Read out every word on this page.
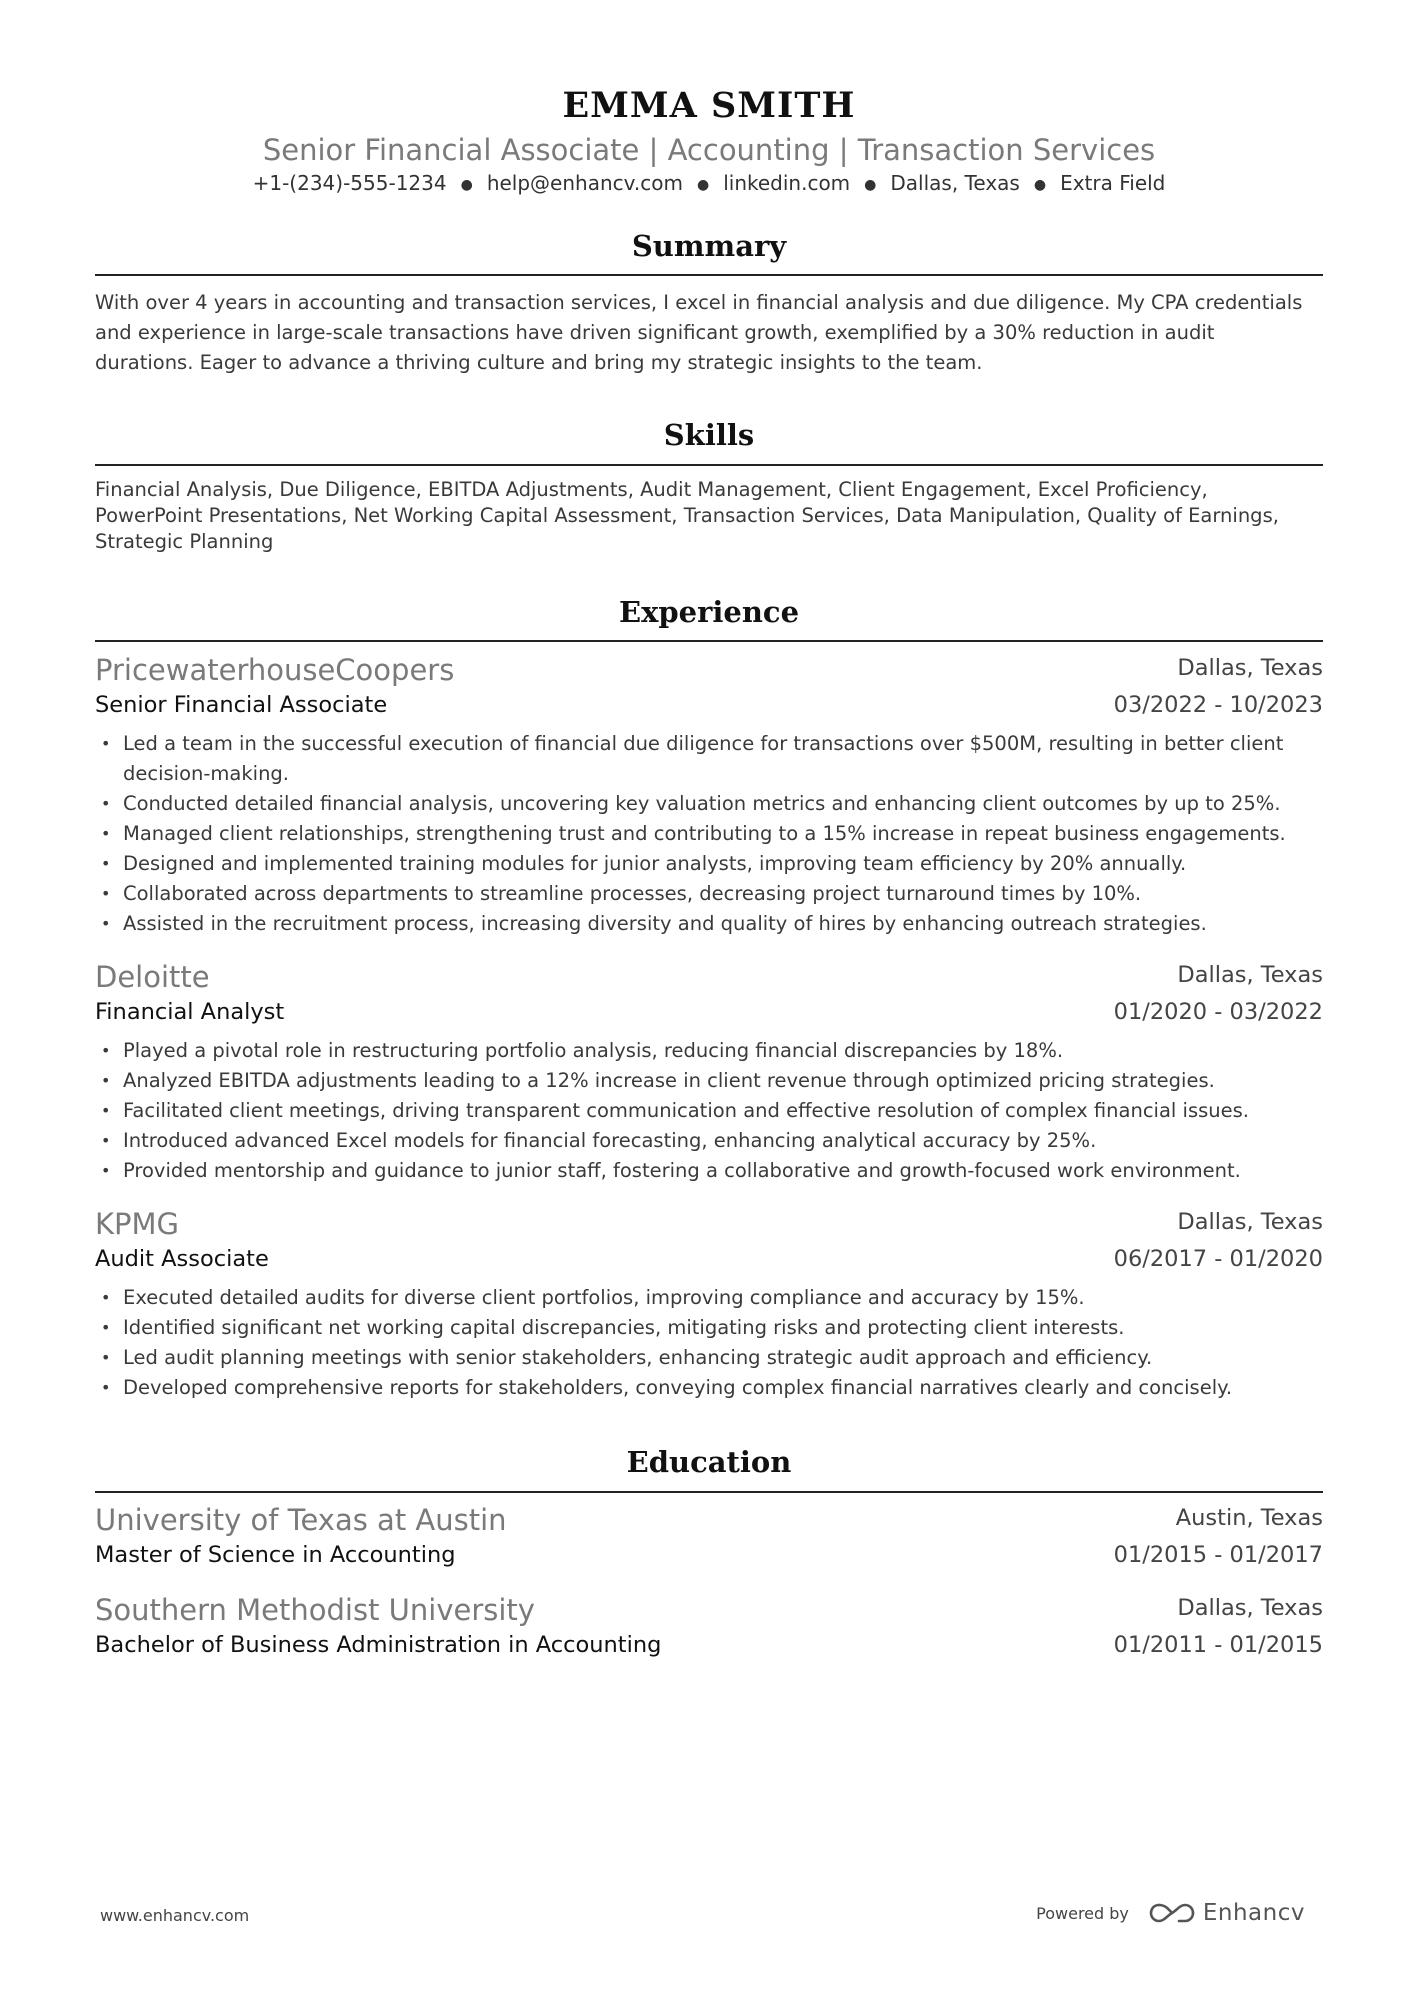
EMMA SMITH
Senior Financial Associate | Accounting | Transaction Services
+1-(234)-555-1234 ● help@enhancv.com ● linkedin.com ● Dallas, Texas ● Extra Field
Summary
With over 4 years in accounting and transaction services, I excel in financial analysis and due diligence. My CPA credentials
and experience in large-scale transactions have driven significant growth, exemplified by a 30% reduction in audit
durations. Eager to advance a thriving culture and bring my strategic insights to the team.
Skills
Financial Analysis, Due Diligence, EBITDA Adjustments, Audit Management, Client Engagement, Excel Proficiency,
PowerPoint Presentations, Net Working Capital Assessment, Transaction Services, Data Manipulation, Quality of Earnings,
Strategic Planning
Experience
PricewaterhouseCoopers	Dallas, Texas
Senior Financial Associate	03/2022 - 10/2023
• Led a team in the successful execution of financial due diligence for transactions over $500M, resulting in better client
decision-making.
• Conducted detailed financial analysis, uncovering key valuation metrics and enhancing client outcomes by up to 25%.
• Managed client relationships, strengthening trust and contributing to a 15% increase in repeat business engagements.
• Designed and implemented training modules for junior analysts, improving team efficiency by 20% annually.
• Collaborated across departments to streamline processes, decreasing project turnaround times by 10%.
• Assisted in the recruitment process, increasing diversity and quality of hires by enhancing outreach strategies.
Deloitte	Dallas, Texas
Financial Analyst	01/2020 - 03/2022
• Played a pivotal role in restructuring portfolio analysis, reducing financial discrepancies by 18%.
• Analyzed EBITDA adjustments leading to a 12% increase in client revenue through optimized pricing strategies.
• Facilitated client meetings, driving transparent communication and effective resolution of complex financial issues.
• Introduced advanced Excel models for financial forecasting, enhancing analytical accuracy by 25%.
• Provided mentorship and guidance to junior staff, fostering a collaborative and growth-focused work environment.
KPMG	Dallas, Texas
Audit Associate	06/2017 - 01/2020
• Executed detailed audits for diverse client portfolios, improving compliance and accuracy by 15%.
• Identified significant net working capital discrepancies, mitigating risks and protecting client interests.
• Led audit planning meetings with senior stakeholders, enhancing strategic audit approach and efficiency.
• Developed comprehensive reports for stakeholders, conveying complex financial narratives clearly and concisely.
Education
University of Texas at Austin	Austin, Texas
Master of Science in Accounting	01/2015 - 01/2017
Southern Methodist University	Dallas, Texas
Bachelor of Business Administration in Accounting	01/2011 - 01/2015
www.enhancv.com	Powered by	Enhancv
